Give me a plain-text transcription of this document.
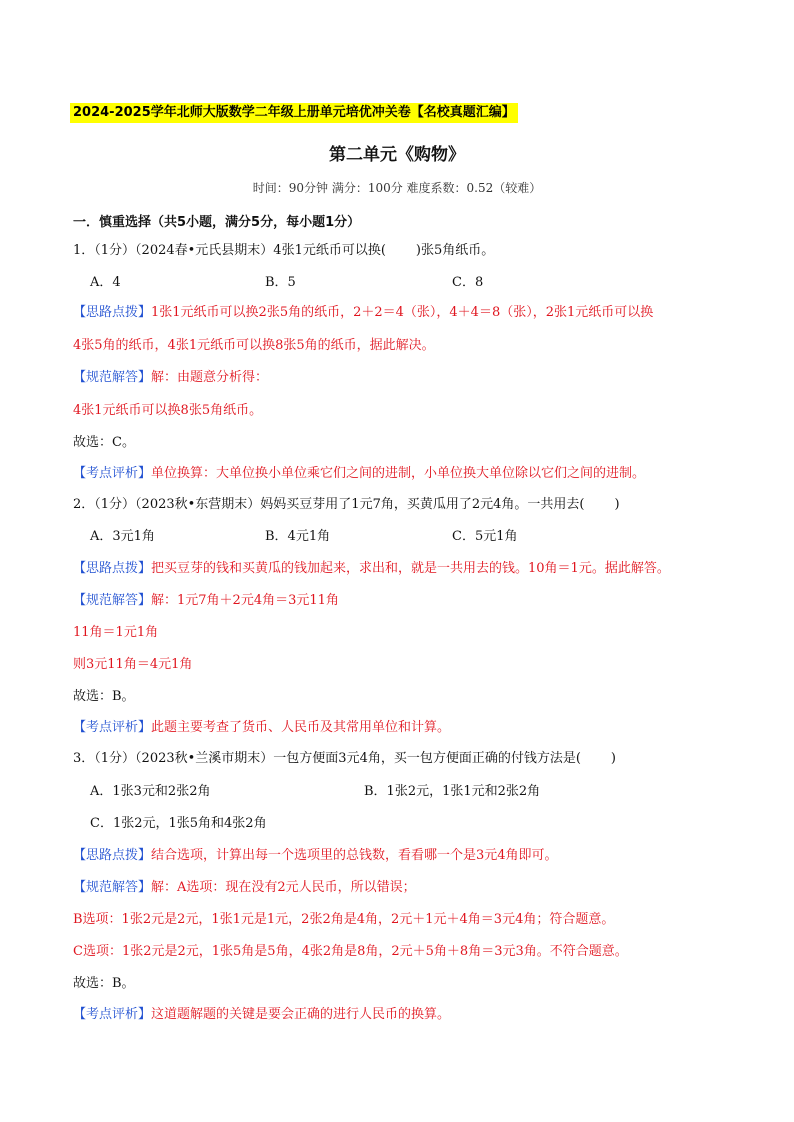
2024-2025学年北师大版数学二年级上册单元培优冲关卷【名校真题汇编】
第二单元《购物》
时间：90分钟 满分：100分 难度系数：0.52（较难）
一．慎重选择（共5小题，满分5分，每小题1分）
1．（1分）（2024春•元氏县期末）4张1元纸币可以换( )张5角纸币。
A．4	B．5	C．8
【思路点拨】1张1元纸币可以换2张5角的纸币，2＋2＝4（张），4＋4＝8（张），2张1元纸币可以换
4张5角的纸币，4张1元纸币可以换8张5角的纸币，据此解决。
【规范解答】解：由题意分析得：
4张1元纸币可以换8张5角纸币。
故选：C。
【考点评析】单位换算：大单位换小单位乘它们之间的进制，小单位换大单位除以它们之间的进制。
2．（1分）（2023秋•东营期末）妈妈买豆芽用了1元7角，买黄瓜用了2元4角。一共用去( )
A．3元1角	B．4元1角	C．5元1角
【思路点拨】把买豆芽的钱和买黄瓜的钱加起来，求出和，就是一共用去的钱。10角＝1元。据此解答。
【规范解答】解：1元7角＋2元4角＝3元11角
11角＝1元1角
则3元11角＝4元1角
故选：B。
【考点评析】此题主要考查了货币、人民币及其常用单位和计算。
3．（1分）（2023秋•兰溪市期末）一包方便面3元4角，买一包方便面正确的付钱方法是( )
A．1张3元和2张2角	B．1张2元，1张1元和2张2角
C．1张2元，1张5角和4张2角
【思路点拨】结合选项，计算出每一个选项里的总钱数，看看哪一个是3元4角即可。
【规范解答】解：A选项：现在没有2元人民币，所以错误；
B选项：1张2元是2元，1张1元是1元，2张2角是4角，2元＋1元＋4角＝3元4角；符合题意。
C选项：1张2元是2元，1张5角是5角，4张2角是8角，2元＋5角＋8角＝3元3角。不符合题意。
故选：B。
【考点评析】这道题解题的关键是要会正确的进行人民币的换算。
